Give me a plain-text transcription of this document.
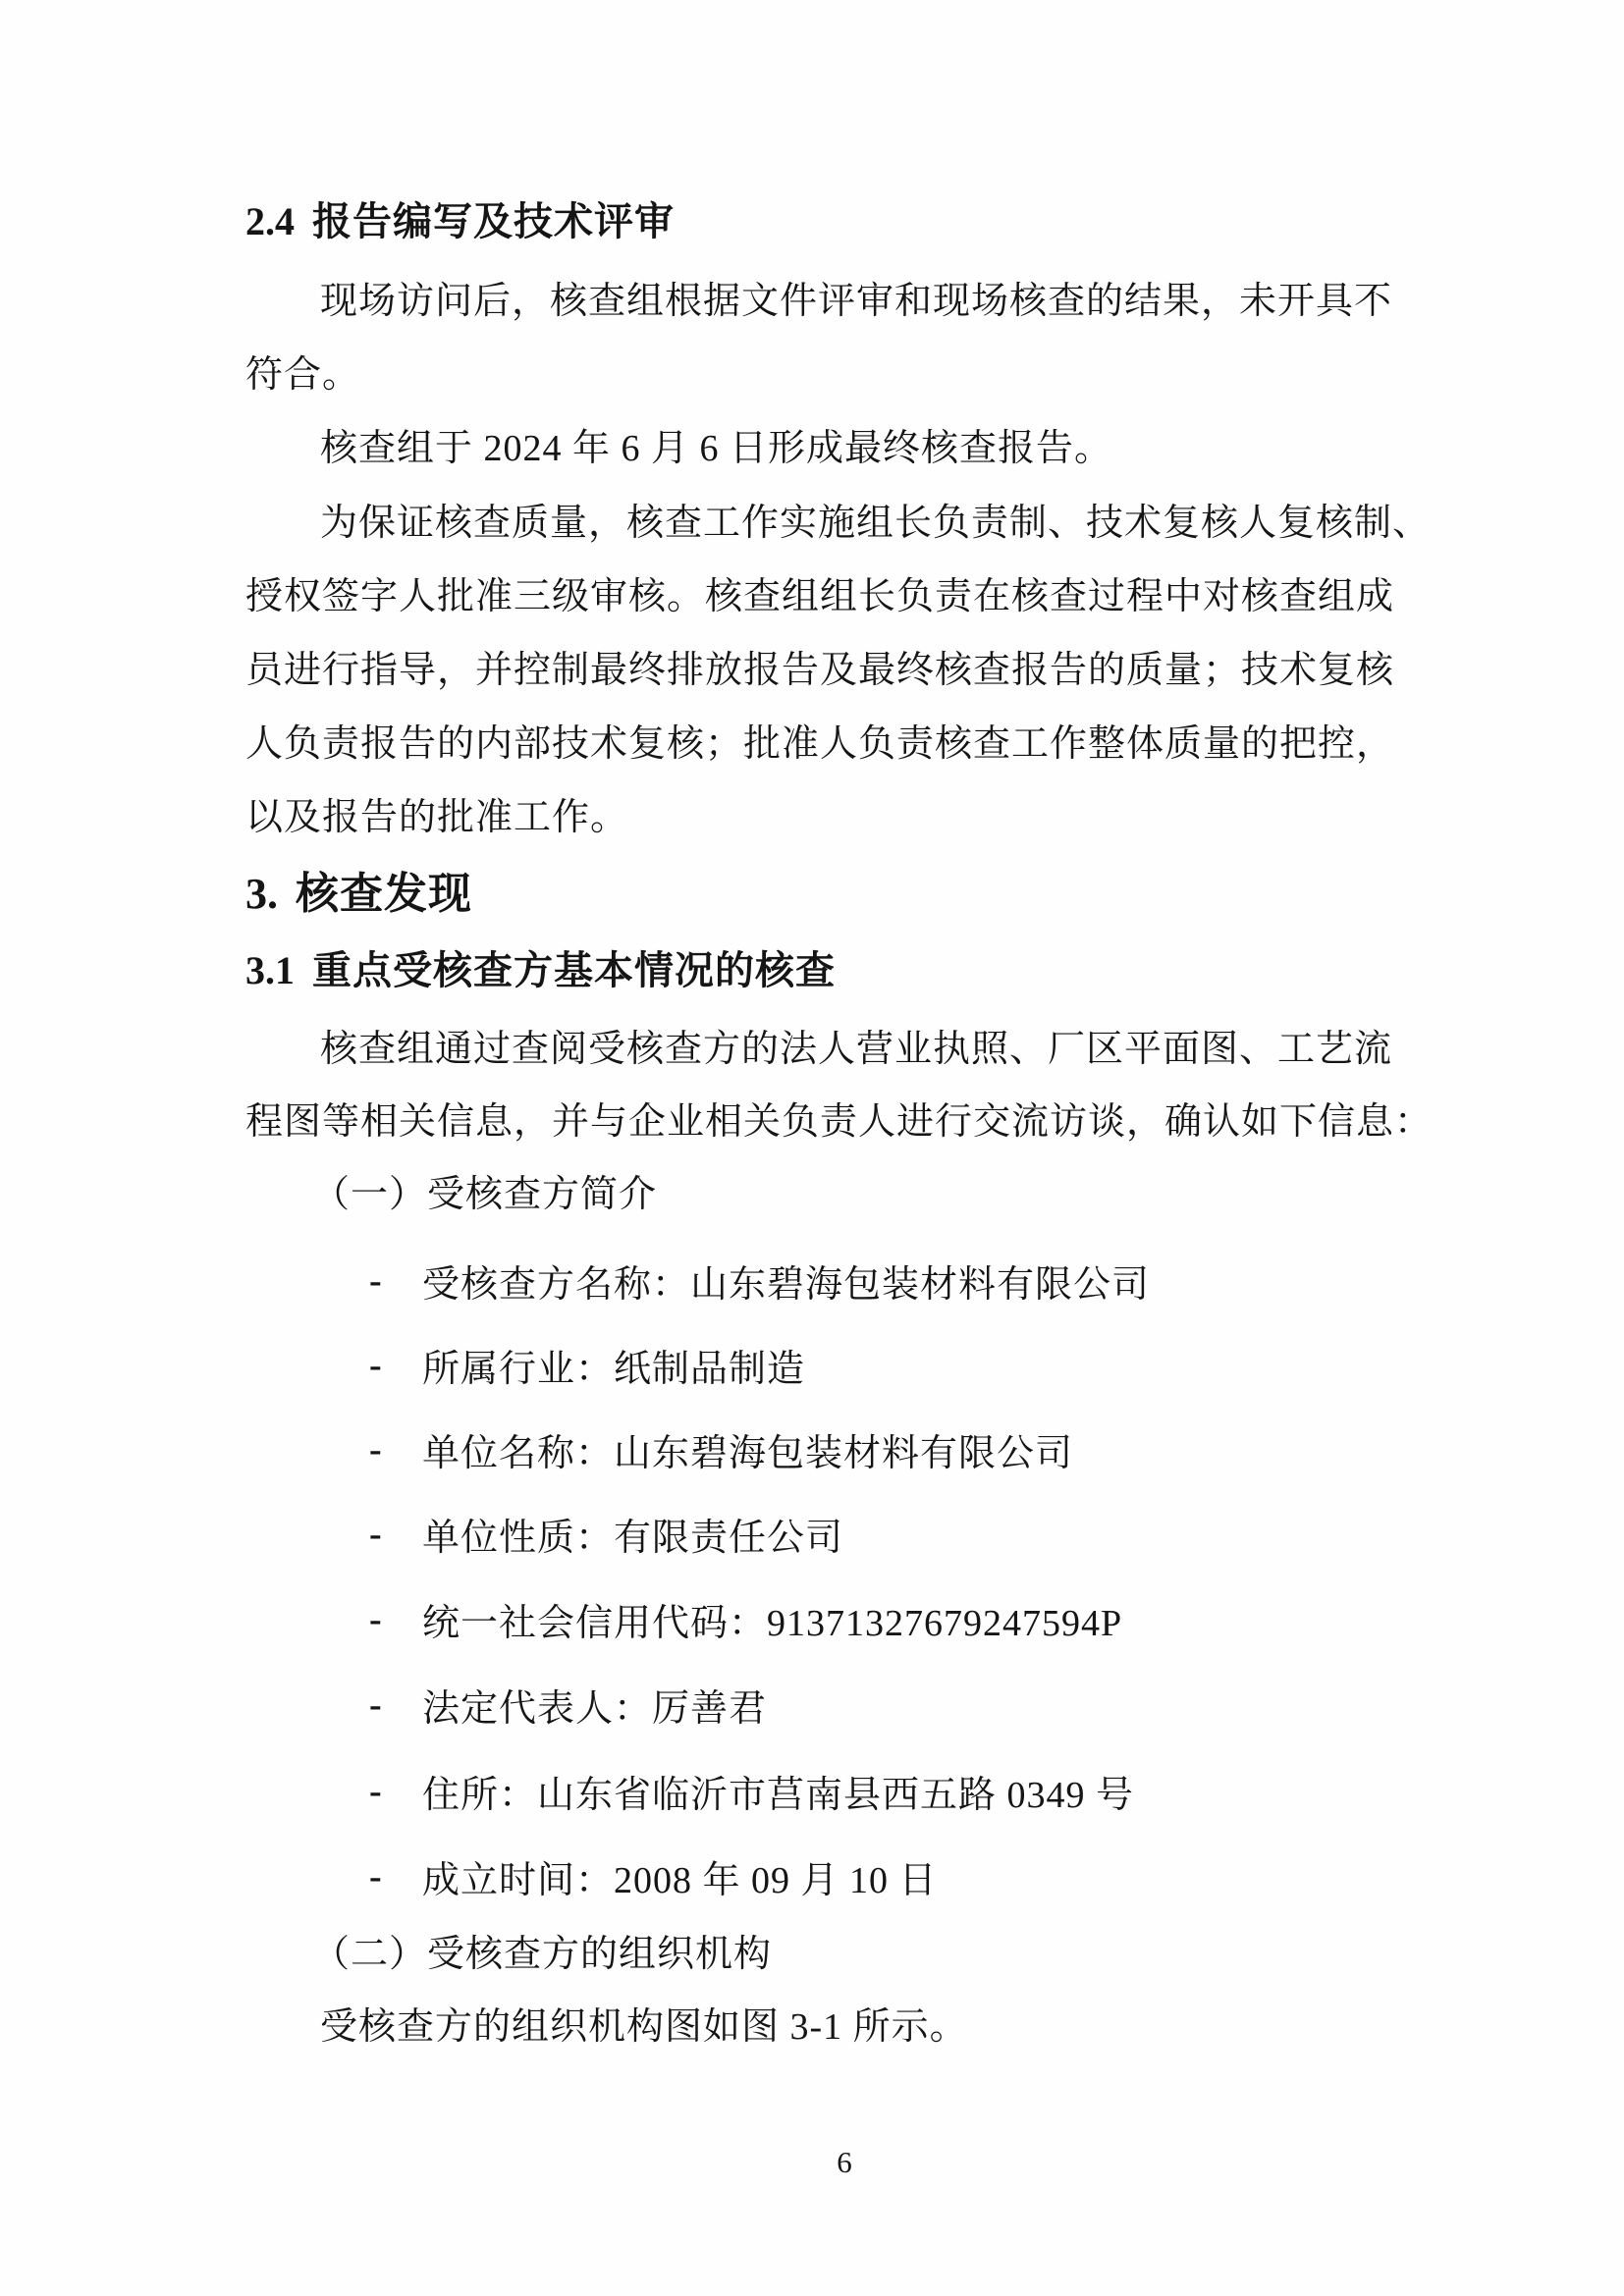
2.4 报告编写及技术评审
现场访问后，核查组根据文件评审和现场核查的结果，未开具不
符合。
核查组于 2024 年 6 月 6 日形成最终核查报告。
为保证核查质量，核查工作实施组长负责制、技术复核人复核制、
授权签字人批准三级审核。核查组组长负责在核查过程中对核查组成
员进行指导，并控制最终排放报告及最终核查报告的质量；技术复核
人负责报告的内部技术复核；批准人负责核查工作整体质量的把控，
以及报告的批准工作。
3. 核查发现
3.1 重点受核查方基本情况的核查
核查组通过查阅受核查方的法人营业执照、厂区平面图、工艺流
程图等相关信息，并与企业相关负责人进行交流访谈，确认如下信息：
（一）受核查方简介
- 受核查方名称：山东碧海包装材料有限公司
- 所属行业：纸制品制造
- 单位名称：山东碧海包装材料有限公司
- 单位性质：有限责任公司
- 统一社会信用代码：91371327679247594P
- 法定代表人：厉善君
- 住所：山东省临沂市莒南县西五路 0349 号
- 成立时间：2008 年 09 月 10 日
（二）受核查方的组织机构
受核查方的组织机构图如图 3-1 所示。
6
